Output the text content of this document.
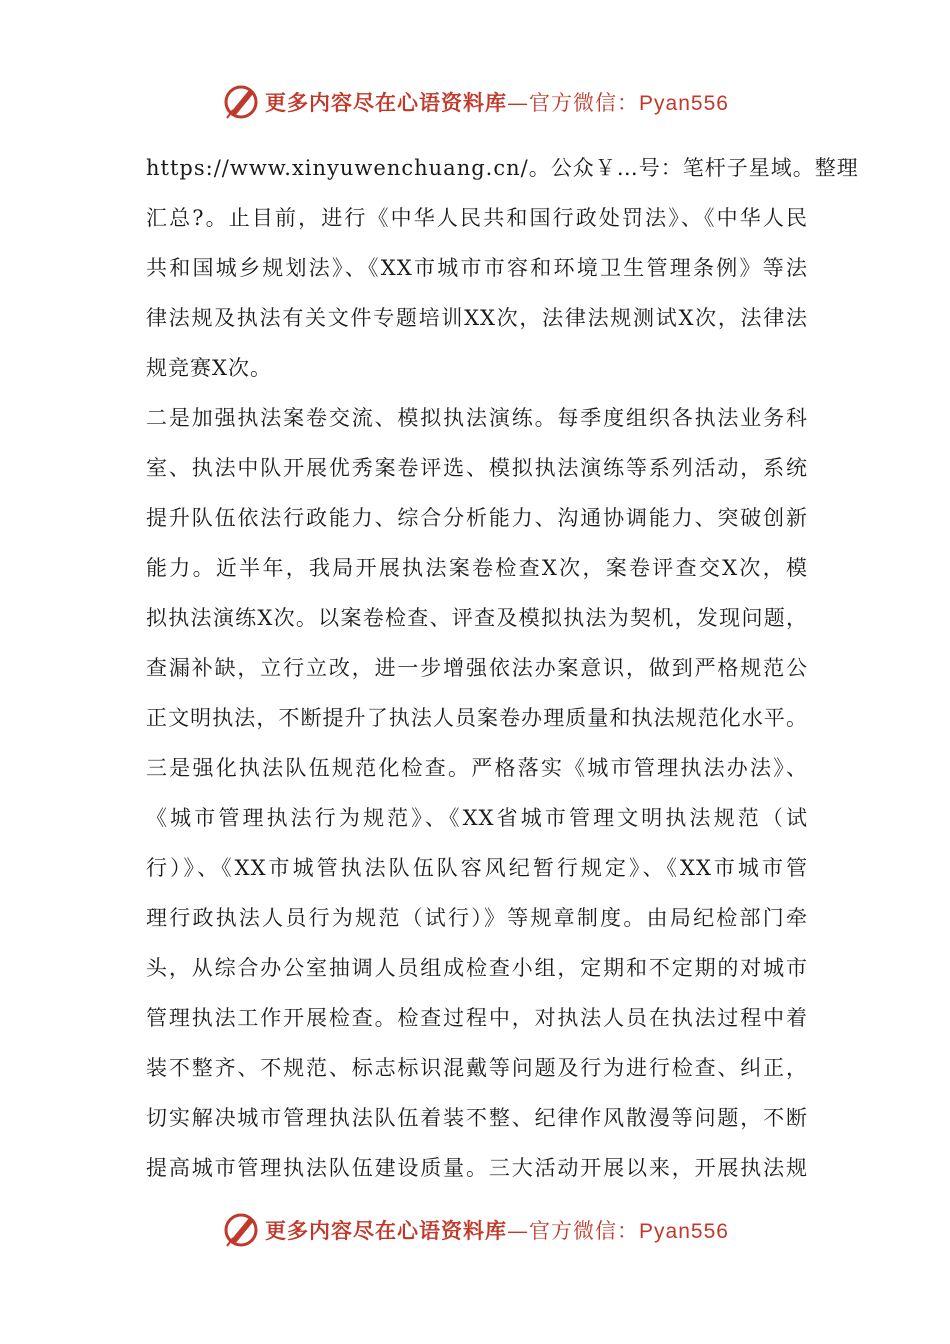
更多内容尽在心语资料库—官方微信：Pyan556
https://www.xinyuwenchuang.cn/。公众￥…号：笔杆子星域。整理
汇总?。止目前，进行《中华人民共和国行政处罚法》、《中华人民
共和国城乡规划法》、《XX市城市市容和环境卫生管理条例》等法
律法规及执法有关文件专题培训XX次，法律法规测试X次，法律法
规竞赛X次。
二是加强执法案卷交流、模拟执法演练。每季度组织各执法业务科
室、执法中队开展优秀案卷评选、模拟执法演练等系列活动，系统
提升队伍依法行政能力、综合分析能力、沟通协调能力、突破创新
能力。近半年，我局开展执法案卷检查X次，案卷评查交X次，模
拟执法演练X次。以案卷检查、评查及模拟执法为契机，发现问题，
查漏补缺，立行立改，进一步增强依法办案意识，做到严格规范公
正文明执法，不断提升了执法人员案卷办理质量和执法规范化水平。
三是强化执法队伍规范化检查。严格落实《城市管理执法办法》、
《城市管理执法行为规范》、《XX省城市管理文明执法规范（试
行）》、《XX市城管执法队伍队容风纪暂行规定》、《XX市城市管
理行政执法人员行为规范（试行）》等规章制度。由局纪检部门牵
头，从综合办公室抽调人员组成检查小组，定期和不定期的对城市
管理执法工作开展检查。检查过程中，对执法人员在执法过程中着
装不整齐、不规范、标志标识混戴等问题及行为进行检查、纠正，
切实解决城市管理执法队伍着装不整、纪律作风散漫等问题，不断
提高城市管理执法队伍建设质量。三大活动开展以来，开展执法规
更多内容尽在心语资料库—官方微信：Pyan556
